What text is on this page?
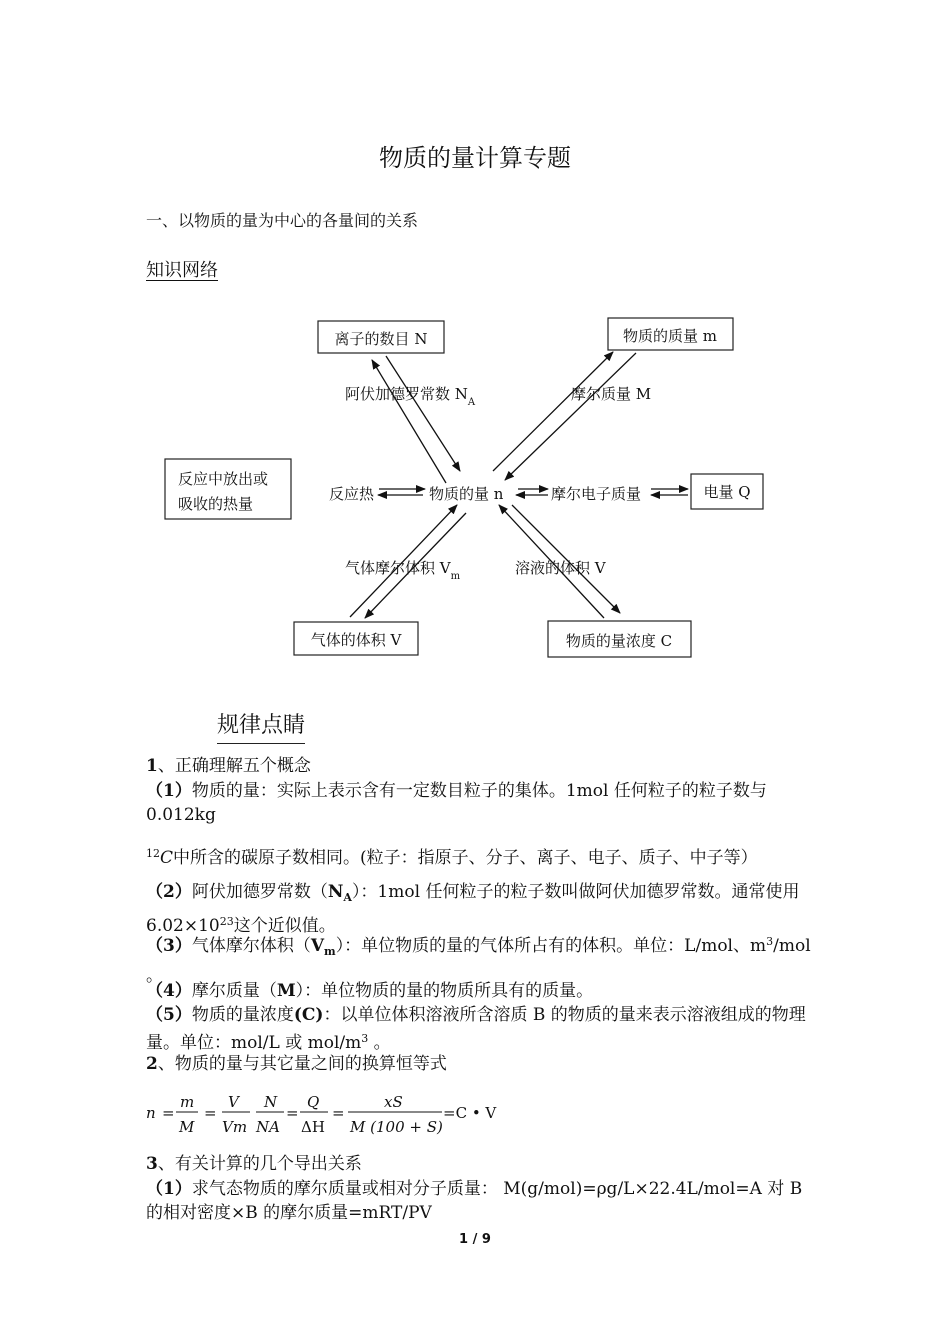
物质的量计算专题
一、以物质的量为中心的各量间的关系
知识网络
离子的数目 N	物质的质量 m
反应中放出或
吸收的热量
电量 Q
气体的体积 V	物质的量浓度 C
物质的量 n
阿伏加德罗常数 $N_A$	摩尔质量 M
反应热	摩尔电子质量
气体摩尔体积 $V_m$	溶液的体积 V
规律点睛
1、正确理解五个概念
（1）物质的量：实际上表示含有一定数目粒子的集体。1mol 任何粒子的粒子数与 0.012kg
$^{12}$C中所含的碳原子数相同。(粒子：指原子、分子、离子、电子、质子、中子等）
（2）阿伏加德罗常数$(N_A)$：1mol 任何粒子的粒子数叫做阿伏加德罗常数。通常使用 $6.02\times 10^{23}$这个近似值。
（3）气体摩尔体积$(V_m)$：单位物质的量的气体所占有的体积。单位：L/mol、$m^3$/mol 。
（4）摩尔质量（M）：单位物质的量的物质所具有的质量。
（5）物质的量浓度(C)：以单位体积溶液所含溶质 B 的物质的量来表示溶液组成的物理量。单位：mol/L 或 mol/$m^3$ 。
2、物质的量与其它量之间的换算恒等式
n =
m
M
=
V
Vm
N
NA
=
Q
ΔH
=
xS
M (100 + S)
=C • V
3、有关计算的几个导出关系
（1）求气态物质的摩尔质量或相对分子质量： M(g/mol)=ρg/L×22.4L/mol=A 对 B 的相对密度×B 的摩尔质量=mRT/PV
1 / 9
